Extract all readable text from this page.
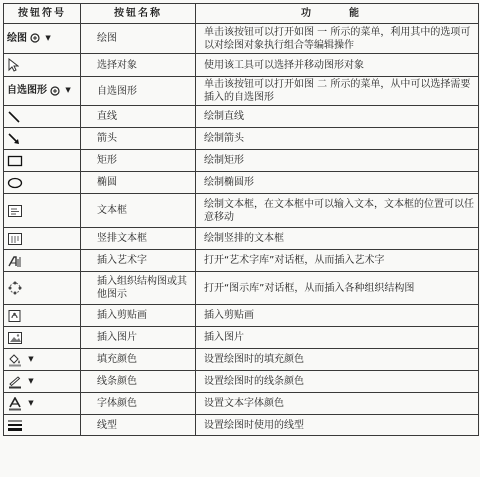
按钮符号	按钮名称	功　能
绘图 ▼	绘图	单击该按钮可以打开如图 一 所示的菜单，利用其中的选项可以对绘图对象执行组合等编辑操作

	选择对象	使用该工具可以选择并移动图形对象
自选图形 ▼	自选图形	单击该按钮可以打开如图 二 所示的菜单，从中可以选择需要插入的自选图形

	直线	绘制直线

	箭头	绘制箭头

	矩形	绘制矩形

	椭圆	绘制椭圆形

	文本框	绘制文本框，在文本框中可以输入文本，文本框的位置可以任意移动

	竖排文本框	绘制竖排的文本框

	插入艺术字	打开“艺术字库”对话框，从而插入艺术字

	插入组织结构图或其他图示	打开“图示库”对话框，从而插入各种组织结构图

	插入剪贴画	插入剪贴画

	插入图片	插入图片
▼	填充颜色	设置绘图时的填充颜色
▼	线条颜色	设置绘图时的线条颜色
▼	字体颜色	设置文本字体颜色

	线型	设置绘图时使用的线型
